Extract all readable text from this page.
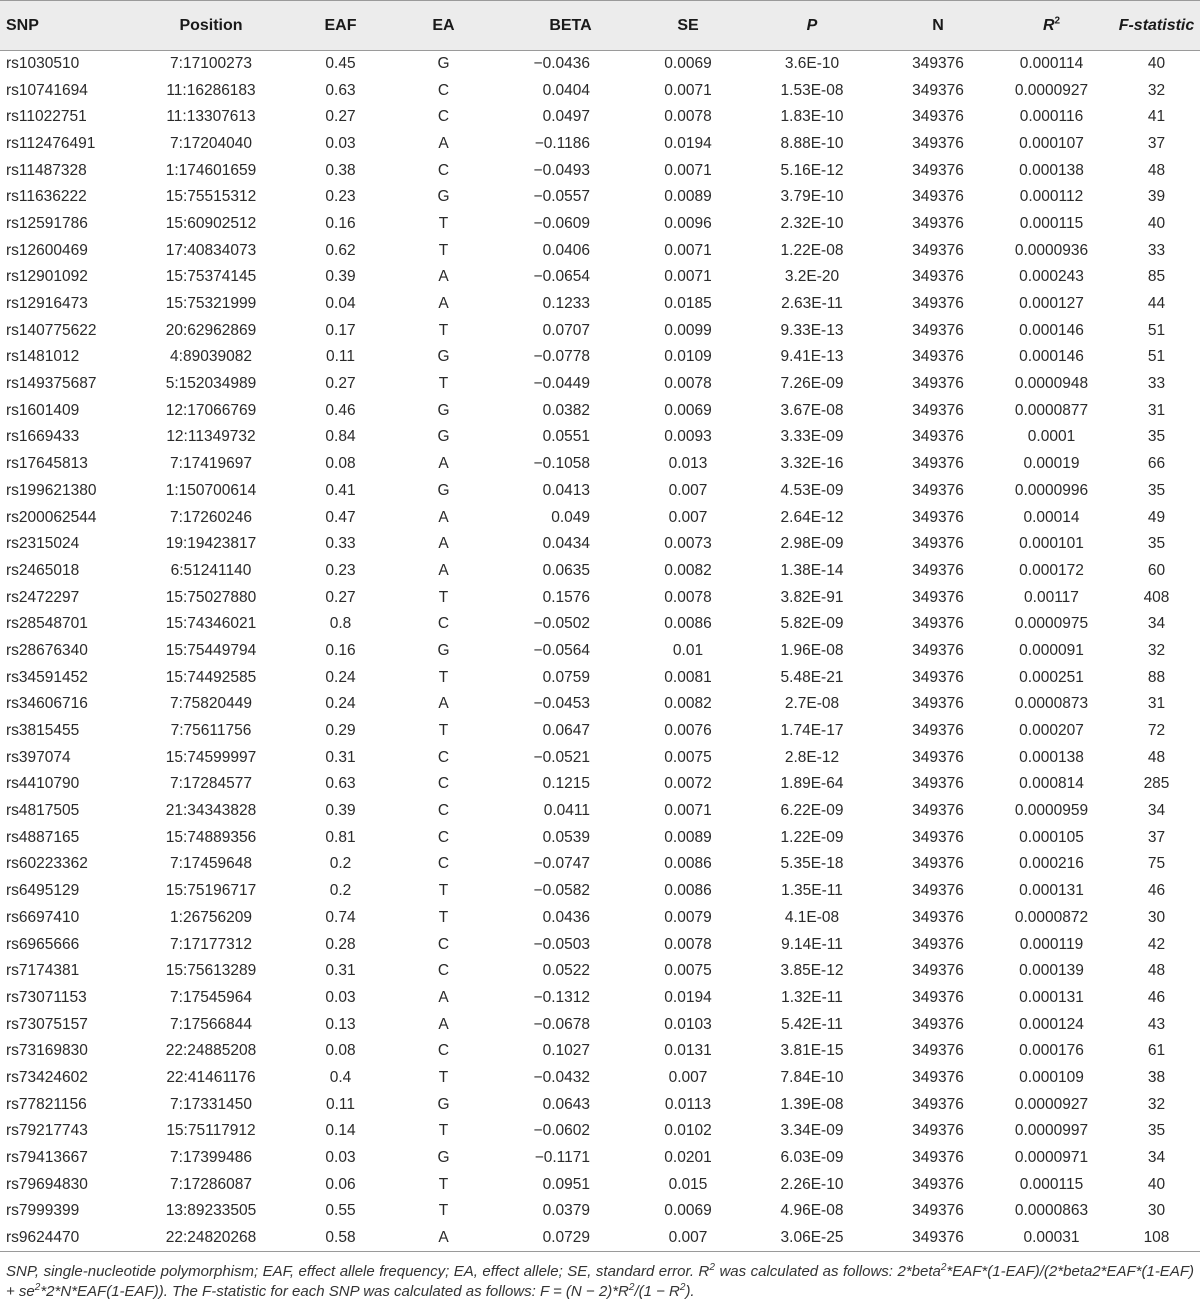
SNP	Position	EAF	EA	BETA	SE	P	N	$R^2$	F-statistic
rs1030510	7:17100273	0.45	G	−0.0436	0.0069	3.6E-10	349376	0.000114	40
rs10741694	11:16286183	0.63	C	0.0404	0.0071	1.53E-08	349376	0.0000927	32
rs11022751	11:13307613	0.27	C	0.0497	0.0078	1.83E-10	349376	0.000116	41
rs112476491	7:17204040	0.03	A	−0.1186	0.0194	8.88E-10	349376	0.000107	37
rs11487328	1:174601659	0.38	C	−0.0493	0.0071	5.16E-12	349376	0.000138	48
rs11636222	15:75515312	0.23	G	−0.0557	0.0089	3.79E-10	349376	0.000112	39
rs12591786	15:60902512	0.16	T	−0.0609	0.0096	2.32E-10	349376	0.000115	40
rs12600469	17:40834073	0.62	T	0.0406	0.0071	1.22E-08	349376	0.0000936	33
rs12901092	15:75374145	0.39	A	−0.0654	0.0071	3.2E-20	349376	0.000243	85
rs12916473	15:75321999	0.04	A	0.1233	0.0185	2.63E-11	349376	0.000127	44
rs140775622	20:62962869	0.17	T	0.0707	0.0099	9.33E-13	349376	0.000146	51
rs1481012	4:89039082	0.11	G	−0.0778	0.0109	9.41E-13	349376	0.000146	51
rs149375687	5:152034989	0.27	T	−0.0449	0.0078	7.26E-09	349376	0.0000948	33
rs1601409	12:17066769	0.46	G	0.0382	0.0069	3.67E-08	349376	0.0000877	31
rs1669433	12:11349732	0.84	G	0.0551	0.0093	3.33E-09	349376	0.0001	35
rs17645813	7:17419697	0.08	A	−0.1058	0.013	3.32E-16	349376	0.00019	66
rs199621380	1:150700614	0.41	G	0.0413	0.007	4.53E-09	349376	0.0000996	35
rs200062544	7:17260246	0.47	A	0.049	0.007	2.64E-12	349376	0.00014	49
rs2315024	19:19423817	0.33	A	0.0434	0.0073	2.98E-09	349376	0.000101	35
rs2465018	6:51241140	0.23	A	0.0635	0.0082	1.38E-14	349376	0.000172	60
rs2472297	15:75027880	0.27	T	0.1576	0.0078	3.82E-91	349376	0.00117	408
rs28548701	15:74346021	0.8	C	−0.0502	0.0086	5.82E-09	349376	0.0000975	34
rs28676340	15:75449794	0.16	G	−0.0564	0.01	1.96E-08	349376	0.000091	32
rs34591452	15:74492585	0.24	T	0.0759	0.0081	5.48E-21	349376	0.000251	88
rs34606716	7:75820449	0.24	A	−0.0453	0.0082	2.7E-08	349376	0.0000873	31
rs3815455	7:75611756	0.29	T	0.0647	0.0076	1.74E-17	349376	0.000207	72
rs397074	15:74599997	0.31	C	−0.0521	0.0075	2.8E-12	349376	0.000138	48
rs4410790	7:17284577	0.63	C	0.1215	0.0072	1.89E-64	349376	0.000814	285
rs4817505	21:34343828	0.39	C	0.0411	0.0071	6.22E-09	349376	0.0000959	34
rs4887165	15:74889356	0.81	C	0.0539	0.0089	1.22E-09	349376	0.000105	37
rs60223362	7:17459648	0.2	C	−0.0747	0.0086	5.35E-18	349376	0.000216	75
rs6495129	15:75196717	0.2	T	−0.0582	0.0086	1.35E-11	349376	0.000131	46
rs6697410	1:26756209	0.74	T	0.0436	0.0079	4.1E-08	349376	0.0000872	30
rs6965666	7:17177312	0.28	C	−0.0503	0.0078	9.14E-11	349376	0.000119	42
rs7174381	15:75613289	0.31	C	0.0522	0.0075	3.85E-12	349376	0.000139	48
rs73071153	7:17545964	0.03	A	−0.1312	0.0194	1.32E-11	349376	0.000131	46
rs73075157	7:17566844	0.13	A	−0.0678	0.0103	5.42E-11	349376	0.000124	43
rs73169830	22:24885208	0.08	C	0.1027	0.0131	3.81E-15	349376	0.000176	61
rs73424602	22:41461176	0.4	T	−0.0432	0.007	7.84E-10	349376	0.000109	38
rs77821156	7:17331450	0.11	G	0.0643	0.0113	1.39E-08	349376	0.0000927	32
rs79217743	15:75117912	0.14	T	−0.0602	0.0102	3.34E-09	349376	0.0000997	35
rs79413667	7:17399486	0.03	G	−0.1171	0.0201	6.03E-09	349376	0.0000971	34
rs79694830	7:17286087	0.06	T	0.0951	0.015	2.26E-10	349376	0.000115	40
rs7999399	13:89233505	0.55	T	0.0379	0.0069	4.96E-08	349376	0.0000863	30
rs9624470	22:24820268	0.58	A	0.0729	0.007	3.06E-25	349376	0.00031	108
SNP, single-nucleotide polymorphism; EAF, effect allele frequency; EA, effect allele; SE, standard error. $R^2$ was calculated as follows: 2*beta$^2$*EAF*(1-EAF)/(2*beta2*EAF*(1-EAF) + $se^2*2*N*EAF(1-EAF)$). The F-statistic for each SNP was calculated as follows: $F = (N - 2)*R^2/(1 - R^2)$.
